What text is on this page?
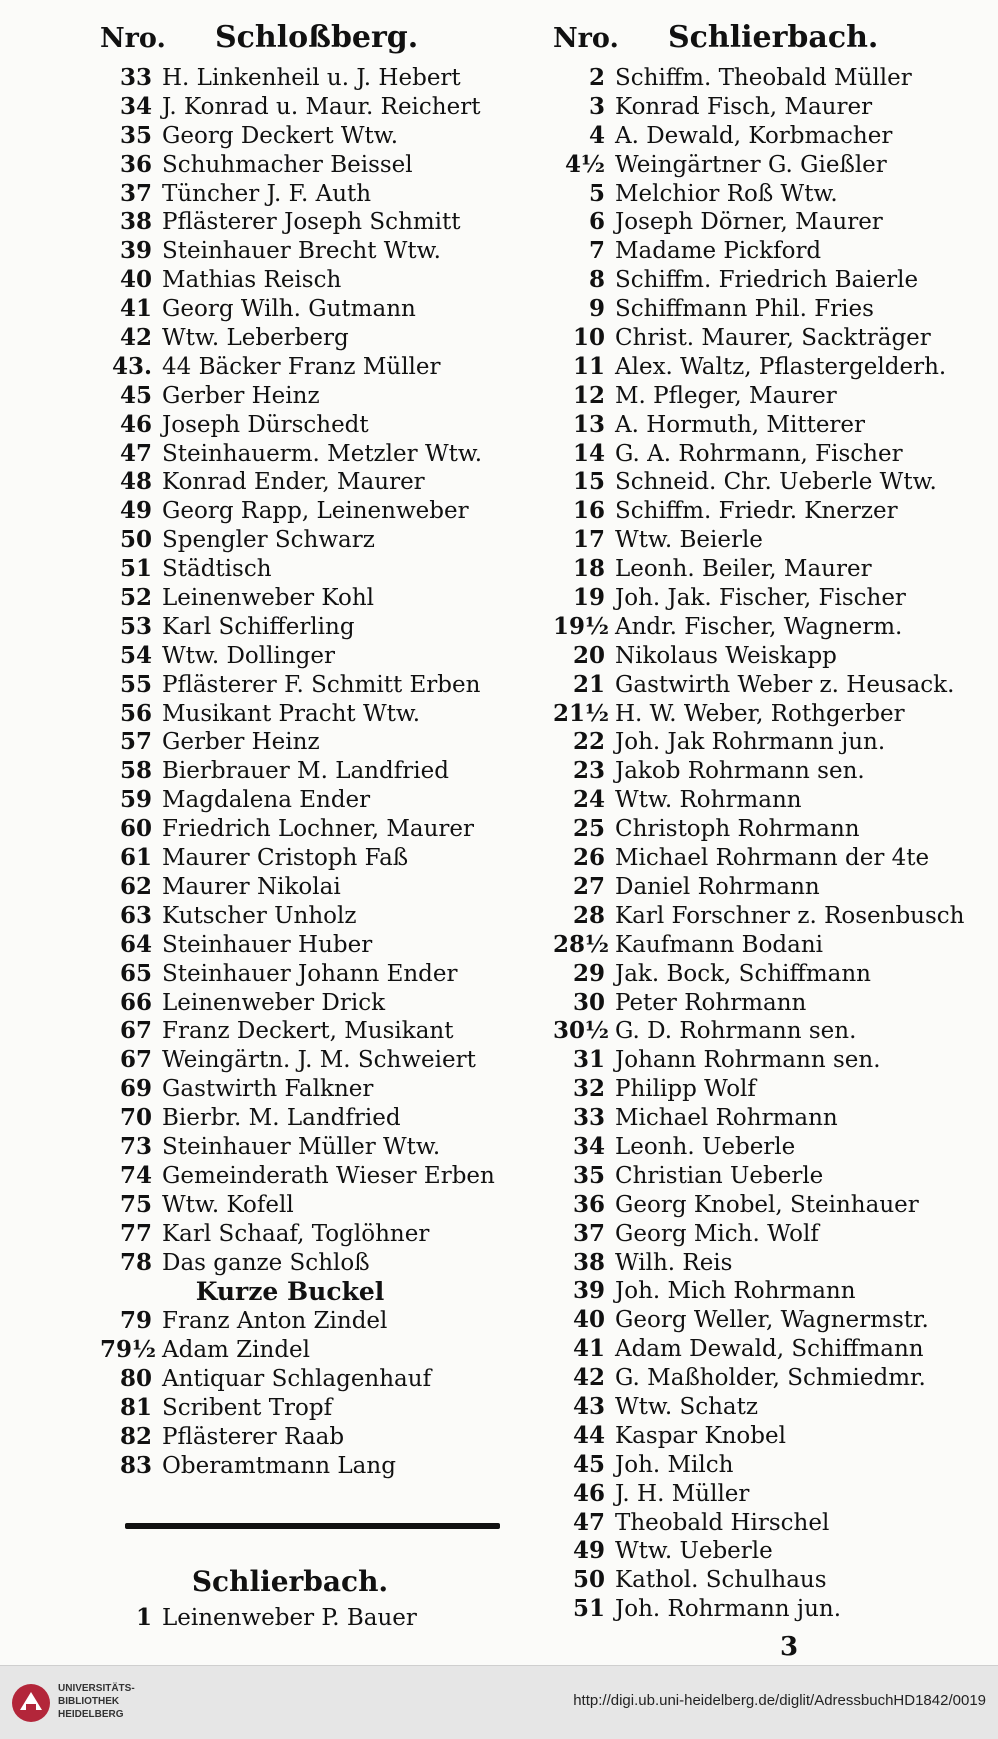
Nro.	Schloßberg.
33 H. Linkenheil u. J. Hebert
34 J. Konrad u. Maur. Reichert
35 Georg Deckert Wtw.
36 Schuhmacher Beissel
37 Tüncher J. F. Auth
38 Pflästerer Joseph Schmitt
39 Steinhauer Brecht Wtw.
40 Mathias Reisch
41 Georg Wilh. Gutmann
42 Wtw. Leberberg
43. 44 Bäcker Franz Müller
45 Gerber Heinz
46 Joseph Dürschedt
47 Steinhauerm. Metzler Wtw.
48 Konrad Ender, Maurer
49 Georg Rapp, Leinenweber
50 Spengler Schwarz
51 Städtisch
52 Leinenweber Kohl
53 Karl Schifferling
54 Wtw. Dollinger
55 Pflästerer F. Schmitt Erben
56 Musikant Pracht Wtw.
57 Gerber Heinz
58 Bierbrauer M. Landfried
59 Magdalena Ender
60 Friedrich Lochner, Maurer
61 Maurer Cristoph Faß
62 Maurer Nikolai
63 Kutscher Unholz
64 Steinhauer Huber
65 Steinhauer Johann Ender
66 Leinenweber Drick
67 Franz Deckert, Musikant
67 Weingärtn. J. M. Schweiert
69 Gastwirth Falkner
70 Bierbr. M. Landfried
73 Steinhauer Müller Wtw.
74 Gemeinderath Wieser Erben
75 Wtw. Kofell
77 Karl Schaaf, Toglöhner
78 Das ganze Schloß
Kurze Buckel
79 Franz Anton Zindel
79½ Adam Zindel
80 Antiquar Schlagenhauf
81 Scribent Tropf
82 Pflästerer Raab
83 Oberamtmann Lang
Schlierbach.
1 Leinenweber P. Bauer
Nro.	Schlierbach.
2 Schiffm. Theobald Müller
3 Konrad Fisch, Maurer
4 A. Dewald, Korbmacher
4½ Weingärtner G. Gießler
5 Melchior Roß Wtw.
6 Joseph Dörner, Maurer
7 Madame Pickford
8 Schiffm. Friedrich Baierle
9 Schiffmann Phil. Fries
10 Christ. Maurer, Sackträger
11 Alex. Waltz, Pflastergelderh.
12 M. Pfleger, Maurer
13 A. Hormuth, Mitterer
14 G. A. Rohrmann, Fischer
15 Schneid. Chr. Ueberle Wtw.
16 Schiffm. Friedr. Knerzer
17 Wtw. Beierle
18 Leonh. Beiler, Maurer
19 Joh. Jak. Fischer, Fischer
19½ Andr. Fischer, Wagnerm.
20 Nikolaus Weiskapp
21 Gastwirth Weber z. Heusack.
21½ H. W. Weber, Rothgerber
22 Joh. Jak Rohrmann jun.
23 Jakob Rohrmann sen.
24 Wtw. Rohrmann
25 Christoph Rohrmann
26 Michael Rohrmann der 4te
27 Daniel Rohrmann
28 Karl Forschner z. Rosenbusch
28½ Kaufmann Bodani
29 Jak. Bock, Schiffmann
30 Peter Rohrmann
30½ G. D. Rohrmann sen.
31 Johann Rohrmann sen.
32 Philipp Wolf
33 Michael Rohrmann
34 Leonh. Ueberle
35 Christian Ueberle
36 Georg Knobel, Steinhauer
37 Georg Mich. Wolf
38 Wilh. Reis
39 Joh. Mich Rohrmann
40 Georg Weller, Wagnermstr.
41 Adam Dewald, Schiffmann
42 G. Maßholder, Schmiedmr.
43 Wtw. Schatz
44 Kaspar Knobel
45 Joh. Milch
46 J. H. Müller
47 Theobald Hirschel
49 Wtw. Ueberle
50 Kathol. Schulhaus
51 Joh. Rohrmann jun.
3
UNIVERSITÄTS-
BIBLIOTHEK
HEIDELBERG
http://digi.ub.uni-heidelberg.de/diglit/AdressbuchHD1842/0019
